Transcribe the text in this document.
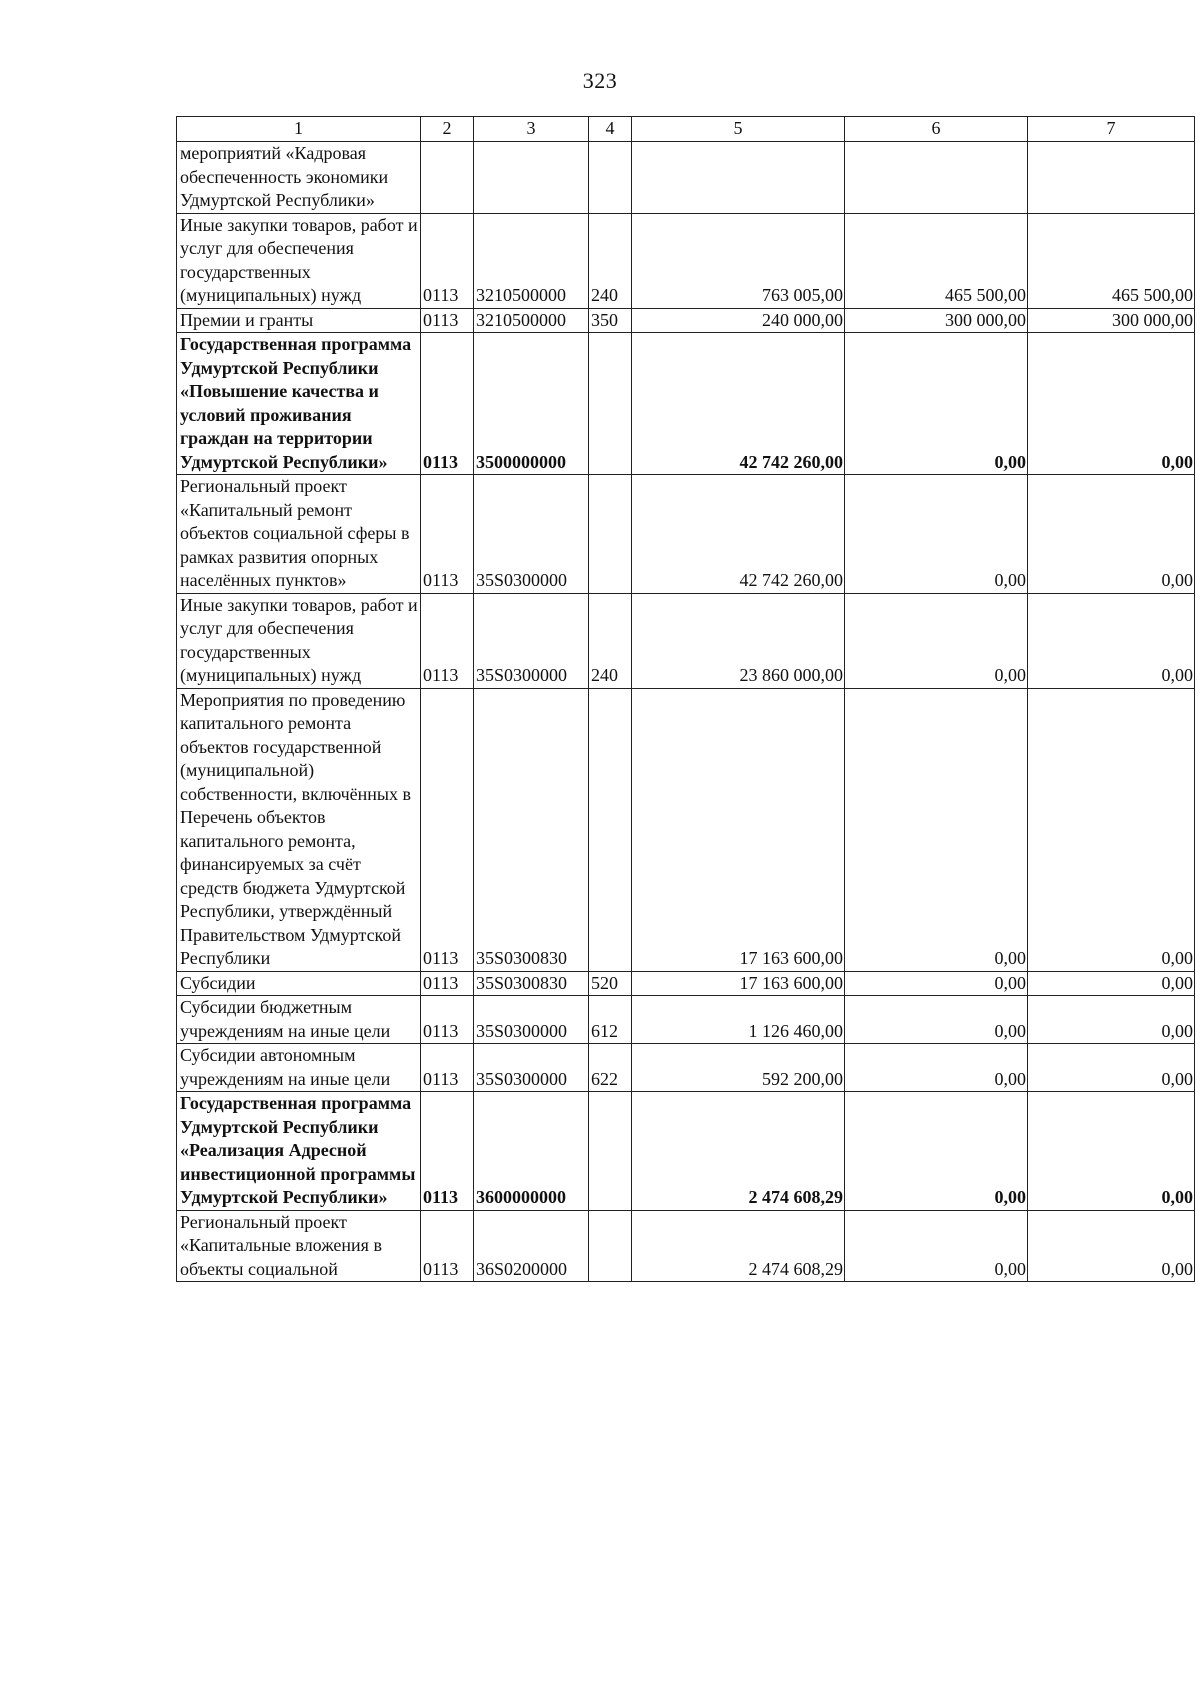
323
1	2	3	4	5	6	7
мероприятий «Кадровая обеспеченность экономики Удмуртской Республики»						
Иные закупки товаров, работ и услуг для обеспечения государственных (муниципальных) нужд	0113	3210500000	240	763 005,00	465 500,00	465 500,00
Премии и гранты	0113	3210500000	350	240 000,00	300 000,00	300 000,00
Государственная программа Удмуртской Республики «Повышение качества и условий проживания граждан на территории Удмуртской Республики»	0113	3500000000		42 742 260,00	0,00	0,00
Региональный проект «Капитальный ремонт объектов социальной сферы в рамках развития опорных населённых пунктов»	0113	35S0300000		42 742 260,00	0,00	0,00
Иные закупки товаров, работ и услуг для обеспечения государственных (муниципальных) нужд	0113	35S0300000	240	23 860 000,00	0,00	0,00
Мероприятия по проведению капитального ремонта объектов государственной (муниципальной) собственности, включённых в Перечень объектов капитального ремонта, финансируемых за счёт средств бюджета Удмуртской Республики, утверждённый Правительством Удмуртской Республики	0113	35S0300830		17 163 600,00	0,00	0,00
Субсидии	0113	35S0300830	520	17 163 600,00	0,00	0,00
Субсидии бюджетным учреждениям на иные цели	0113	35S0300000	612	1 126 460,00	0,00	0,00
Субсидии автономным учреждениям на иные цели	0113	35S0300000	622	592 200,00	0,00	0,00
Государственная программа Удмуртской Республики «Реализация Адресной инвестиционной программы Удмуртской Республики»	0113	3600000000		2 474 608,29	0,00	0,00
Региональный проект «Капитальные вложения в объекты социальной	0113	36S0200000		2 474 608,29	0,00	0,00
